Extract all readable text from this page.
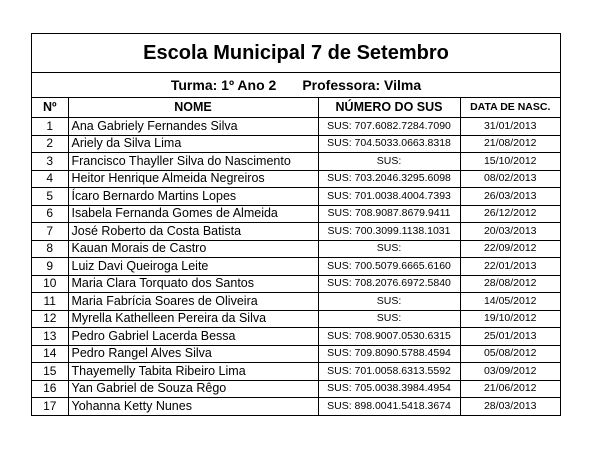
Escola Municipal 7 de Setembro
Turma: 1º Ano 2 Professora: Vilma
Nº	NOME	NÚMERO DO SUS	DATA DE NASC.
1	Ana Gabriely Fernandes Silva	SUS: 707.6082.7284.7090	31/01/2013
2	Ariely da Silva Lima	SUS: 704.5033.0663.8318	21/08/2012
3	Francisco Thayller Silva do Nascimento	SUS:	15/10/2012
4	Heitor Henrique Almeida Negreiros	SUS: 703.2046.3295.6098	08/02/2013
5	Ícaro Bernardo Martins Lopes	SUS: 701.0038.4004.7393	26/03/2013
6	Isabela Fernanda Gomes de Almeida	SUS: 708.9087.8679.9411	26/12/2012
7	José Roberto da Costa Batista	SUS: 700.3099.1138.1031	20/03/2013
8	Kauan Morais de Castro	SUS:	22/09/2012
9	Luiz Davi Queiroga Leite	SUS: 700.5079.6665.6160	22/01/2013
10	Maria Clara Torquato dos Santos	SUS: 708.2076.6972.5840	28/08/2012
11	Maria Fabrícia Soares de Oliveira	SUS:	14/05/2012
12	Myrella Kathelleen Pereira da Silva	SUS:	19/10/2012
13	Pedro Gabriel Lacerda Bessa	SUS: 708.9007.0530.6315	25/01/2013
14	Pedro Rangel Alves Silva	SUS: 709.8090.5788.4594	05/08/2012
15	Thayemelly Tabita Ribeiro Lima	SUS: 701.0058.6313.5592	03/09/2012
16	Yan Gabriel de Souza Rêgo	SUS: 705.0038.3984.4954	21/06/2012
17	Yohanna Ketty Nunes	SUS: 898.0041.5418.3674	28/03/2013
